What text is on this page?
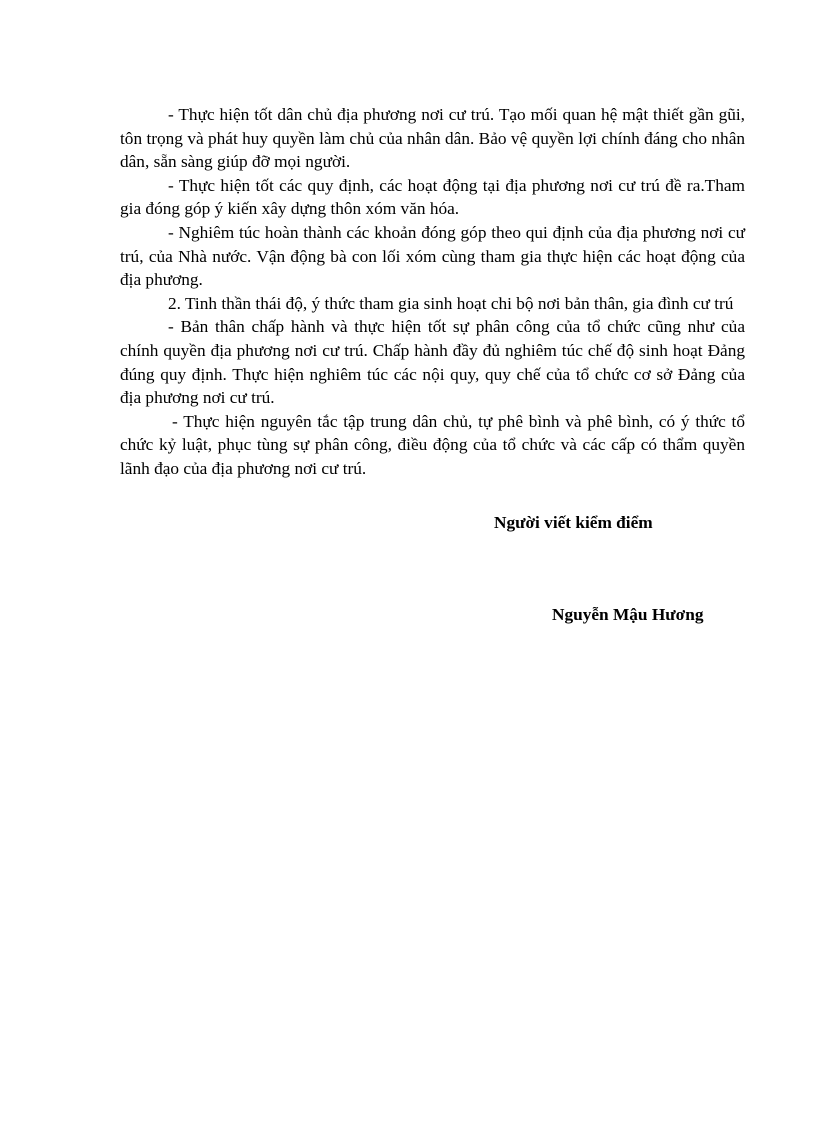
- Thực hiện tốt dân chủ địa phương nơi cư trú. Tạo mối quan hệ mật thiết gần gũi, tôn trọng và phát huy quyền làm chủ của nhân dân. Bảo vệ quyền lợi chính đáng cho nhân dân, sẵn sàng giúp đỡ mọi người.

- Thực hiện tốt các quy định, các hoạt động tại địa phương nơi cư trú đề ra.Tham gia đóng góp ý kiến xây dựng thôn xóm văn hóa.

- Nghiêm túc hoàn thành các khoản đóng góp theo qui định của địa phương nơi cư trú, của Nhà nước. Vận động bà con lối xóm cùng tham gia thực hiện các hoạt động của địa phương.

2. Tinh thần thái độ, ý thức tham gia sinh hoạt chi bộ nơi bản thân, gia đình cư trú

- Bản thân chấp hành và thực hiện tốt sự phân công của tổ chức cũng như của chính quyền địa phương nơi cư trú. Chấp hành đầy đủ nghiêm túc chế độ sinh hoạt Đảng đúng quy định. Thực hiện nghiêm túc các nội quy, quy chế của tổ chức cơ sở Đảng của địa phương nơi cư trú.

- Thực hiện nguyên tắc tập trung dân chủ, tự phê bình và phê bình, có ý thức tổ chức kỷ luật, phục tùng sự phân công, điều động của tổ chức và các cấp có thẩm quyền lãnh đạo của địa phương nơi cư trú.

Người viết kiểm điểm
Nguyễn Mậu Hương
